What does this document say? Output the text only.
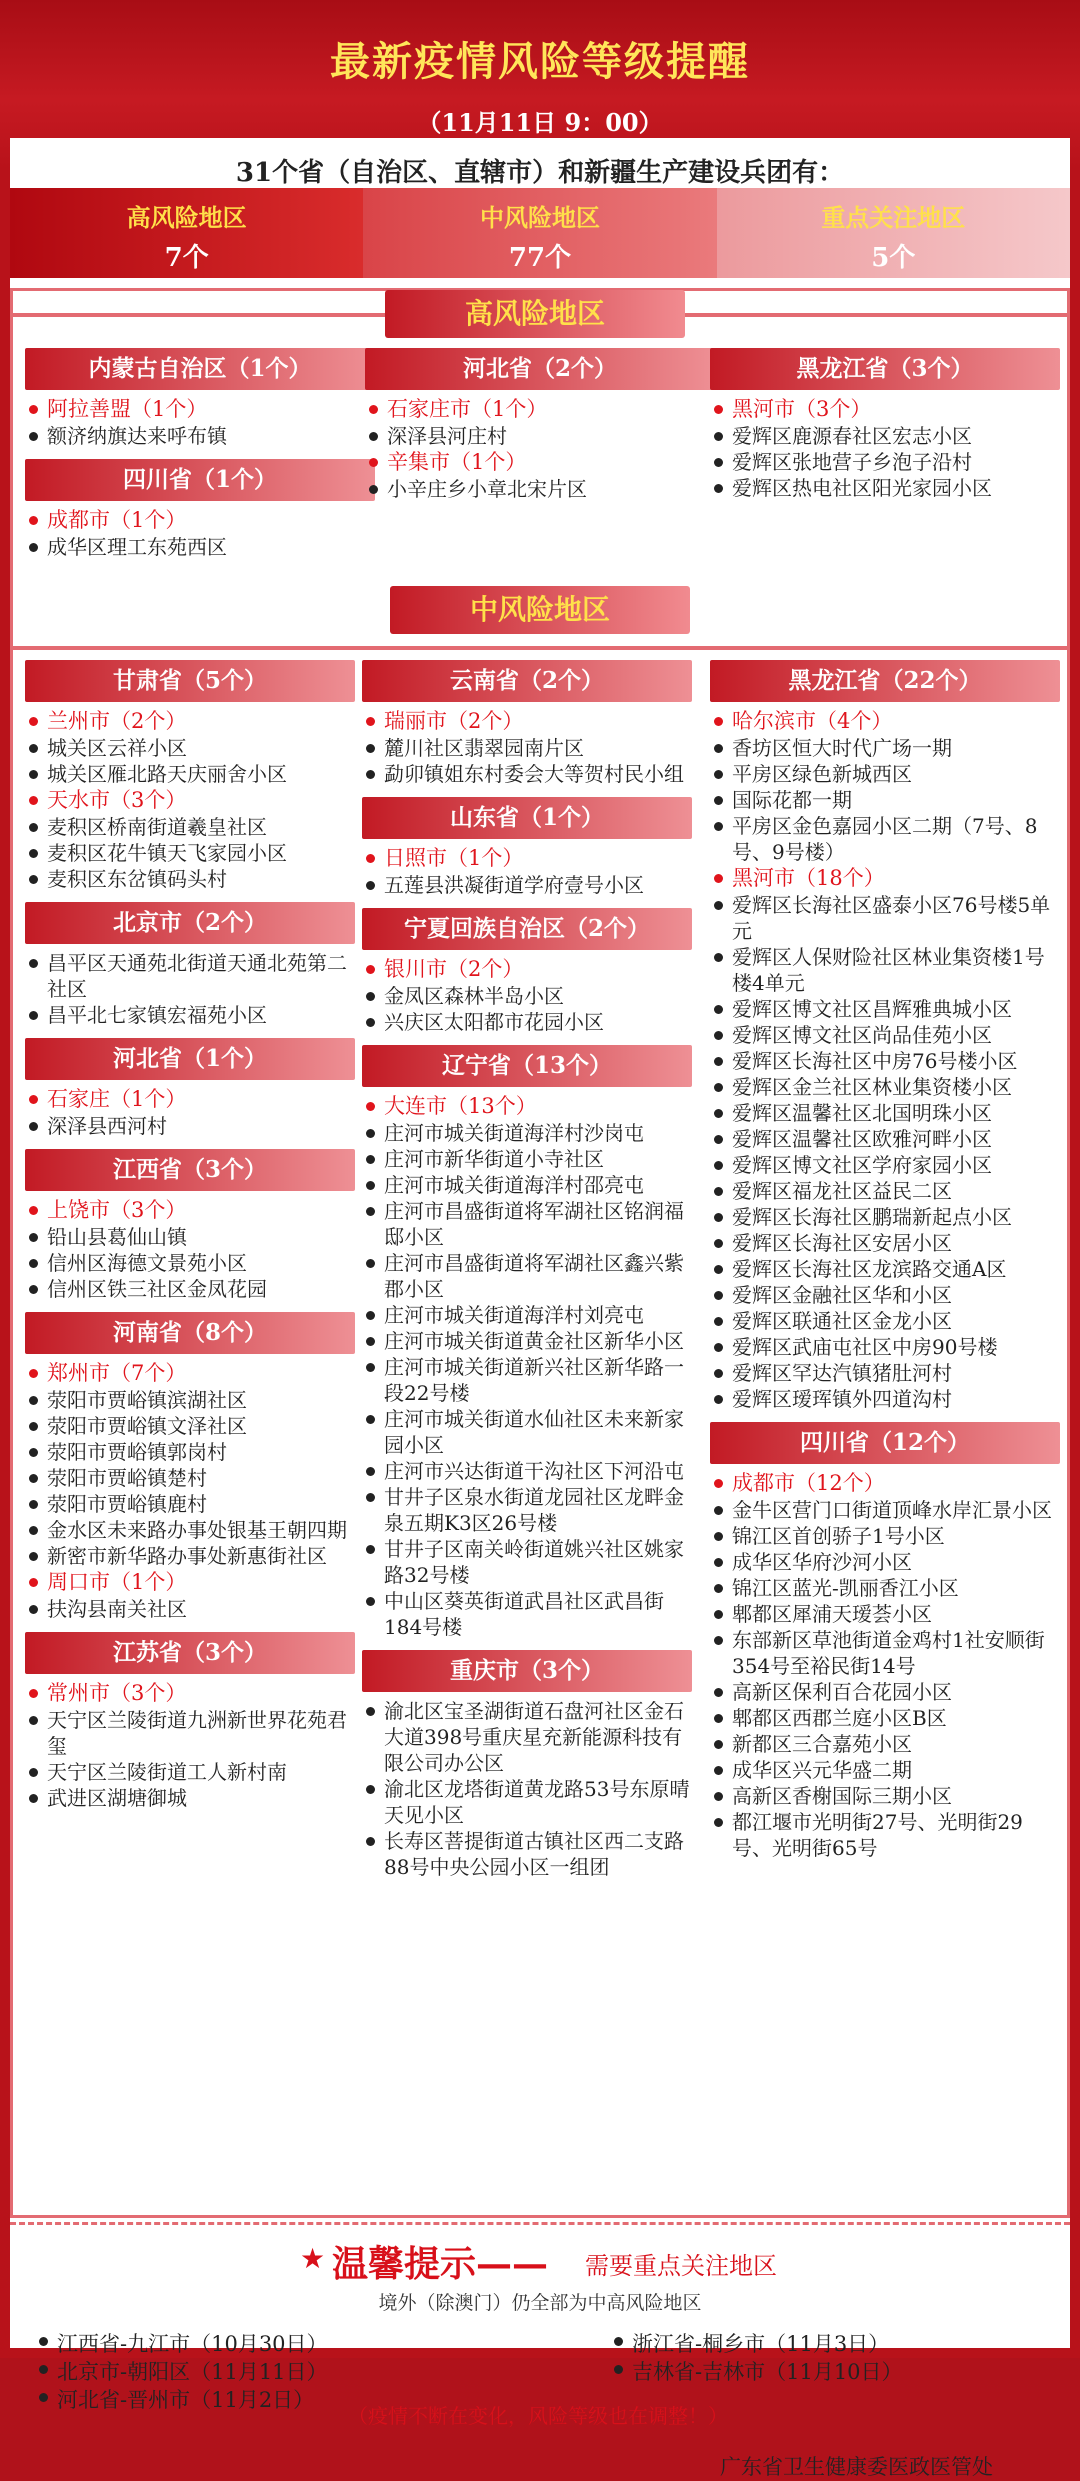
最新疫情风险等级提醒
（11月11日 9：00）
31个省（自治区、直辖市）和新疆生产建设兵团有：
高风险地区
7个
中风险地区
77个
重点关注地区
5个
高风险地区
内蒙古自治区（1个）
阿拉善盟（1个）
额济纳旗达来呼布镇
四川省（1个）
成都市（1个）
成华区理工东苑西区
河北省（2个）
石家庄市（1个）
深泽县河庄村
辛集市（1个）
小辛庄乡小章北宋片区
黑龙江省（3个）
黑河市（3个）
爱辉区鹿源春社区宏志小区
爱辉区张地营子乡泡子沿村
爱辉区热电社区阳光家园小区
中风险地区
甘肃省（5个）
兰州市（2个）
城关区云祥小区
城关区雁北路天庆丽舍小区
天水市（3个）
麦积区桥南街道羲皇社区
麦积区花牛镇天飞家园小区
麦积区东岔镇码头村
北京市（2个）
昌平区天通苑北街道天通北苑第二社区
昌平北七家镇宏福苑小区
河北省（1个）
石家庄（1个）
深泽县西河村
江西省（3个）
上饶市（3个）
铅山县葛仙山镇
信州区海德文景苑小区
信州区铁三社区金凤花园
河南省（8个）
郑州市（7个）
荥阳市贾峪镇滨湖社区
荥阳市贾峪镇文泽社区
荥阳市贾峪镇郭岗村
荥阳市贾峪镇楚村
荥阳市贾峪镇鹿村
金水区未来路办事处银基王朝四期
新密市新华路办事处新惠街社区
周口市（1个）
扶沟县南关社区
江苏省（3个）
常州市（3个）
天宁区兰陵街道九洲新世界花苑君玺
天宁区兰陵街道工人新村南
武进区湖塘御城
云南省（2个）
瑞丽市（2个）
麓川社区翡翠园南片区
勐卯镇姐东村委会大等贺村民小组
山东省（1个）
日照市（1个）
五莲县洪凝街道学府壹号小区
宁夏回族自治区（2个）
银川市（2个）
金凤区森林半岛小区
兴庆区太阳都市花园小区
辽宁省（13个）
大连市（13个）
庄河市城关街道海洋村沙岗屯
庄河市新华街道小寺社区
庄河市城关街道海洋村邵亮屯
庄河市昌盛街道将军湖社区铭润福邸小区
庄河市昌盛街道将军湖社区鑫兴紫郡小区
庄河市城关街道海洋村刘亮屯
庄河市城关街道黄金社区新华小区
庄河市城关街道新兴社区新华路一段22号楼
庄河市城关街道水仙社区未来新家园小区
庄河市兴达街道干沟社区下河沿屯
甘井子区泉水街道龙园社区龙畔金泉五期K3区26号楼
甘井子区南关岭街道姚兴社区姚家路32号楼
中山区葵英街道武昌社区武昌街184号楼
重庆市（3个）
渝北区宝圣湖街道石盘河社区金石大道398号重庆星充新能源科技有限公司办公区
渝北区龙塔街道黄龙路53号东原晴天见小区
长寿区菩提街道古镇社区西二支路88号中央公园小区一组团
黑龙江省（22个）
哈尔滨市（4个）
香坊区恒大时代广场一期
平房区绿色新城西区
国际花都一期
平房区金色嘉园小区二期（7号、8号、9号楼）
黑河市（18个）
爱辉区长海社区盛泰小区76号楼5单元
爱辉区人保财险社区林业集资楼1号楼4单元
爱辉区博文社区昌辉雅典城小区
爱辉区博文社区尚品佳苑小区
爱辉区长海社区中房76号楼小区
爱辉区金兰社区林业集资楼小区
爱辉区温馨社区北国明珠小区
爱辉区温馨社区欧雅河畔小区
爱辉区博文社区学府家园小区
爱辉区福龙社区益民二区
爱辉区长海社区鹏瑞新起点小区
爱辉区长海社区安居小区
爱辉区长海社区龙滨路交通A区
爱辉区金融社区华和小区
爱辉区联通社区金龙小区
爱辉区武庙屯社区中房90号楼
爱辉区罕达汽镇猪肚河村
爱辉区瑷珲镇外四道沟村
四川省（12个）
成都市（12个）
金牛区营门口街道顶峰水岸汇景小区
锦江区首创骄子1号小区
成华区华府沙河小区
锦江区蓝光-凯丽香江小区
郫都区犀浦天瑷荟小区
东部新区草池街道金鸡村1社安顺街354号至裕民街14号
高新区保利百合花园小区
郫都区西郡兰庭小区B区
新都区三合嘉苑小区
成华区兴元华盛二期
高新区香榭国际三期小区
都江堰市光明街27号、光明街29号、光明街65号
★ 温馨提示—— 需要重点关注地区
境外（除澳门）仍全部为中高风险地区
江西省-九江市（10月30日）
北京市-朝阳区（11月11日）
河北省-晋州市（11月2日）
浙江省-桐乡市（11月3日）
吉林省-吉林市（11月10日）
（疫情不断在变化，风险等级也在调整！）
广东省卫生健康委医政医管处
